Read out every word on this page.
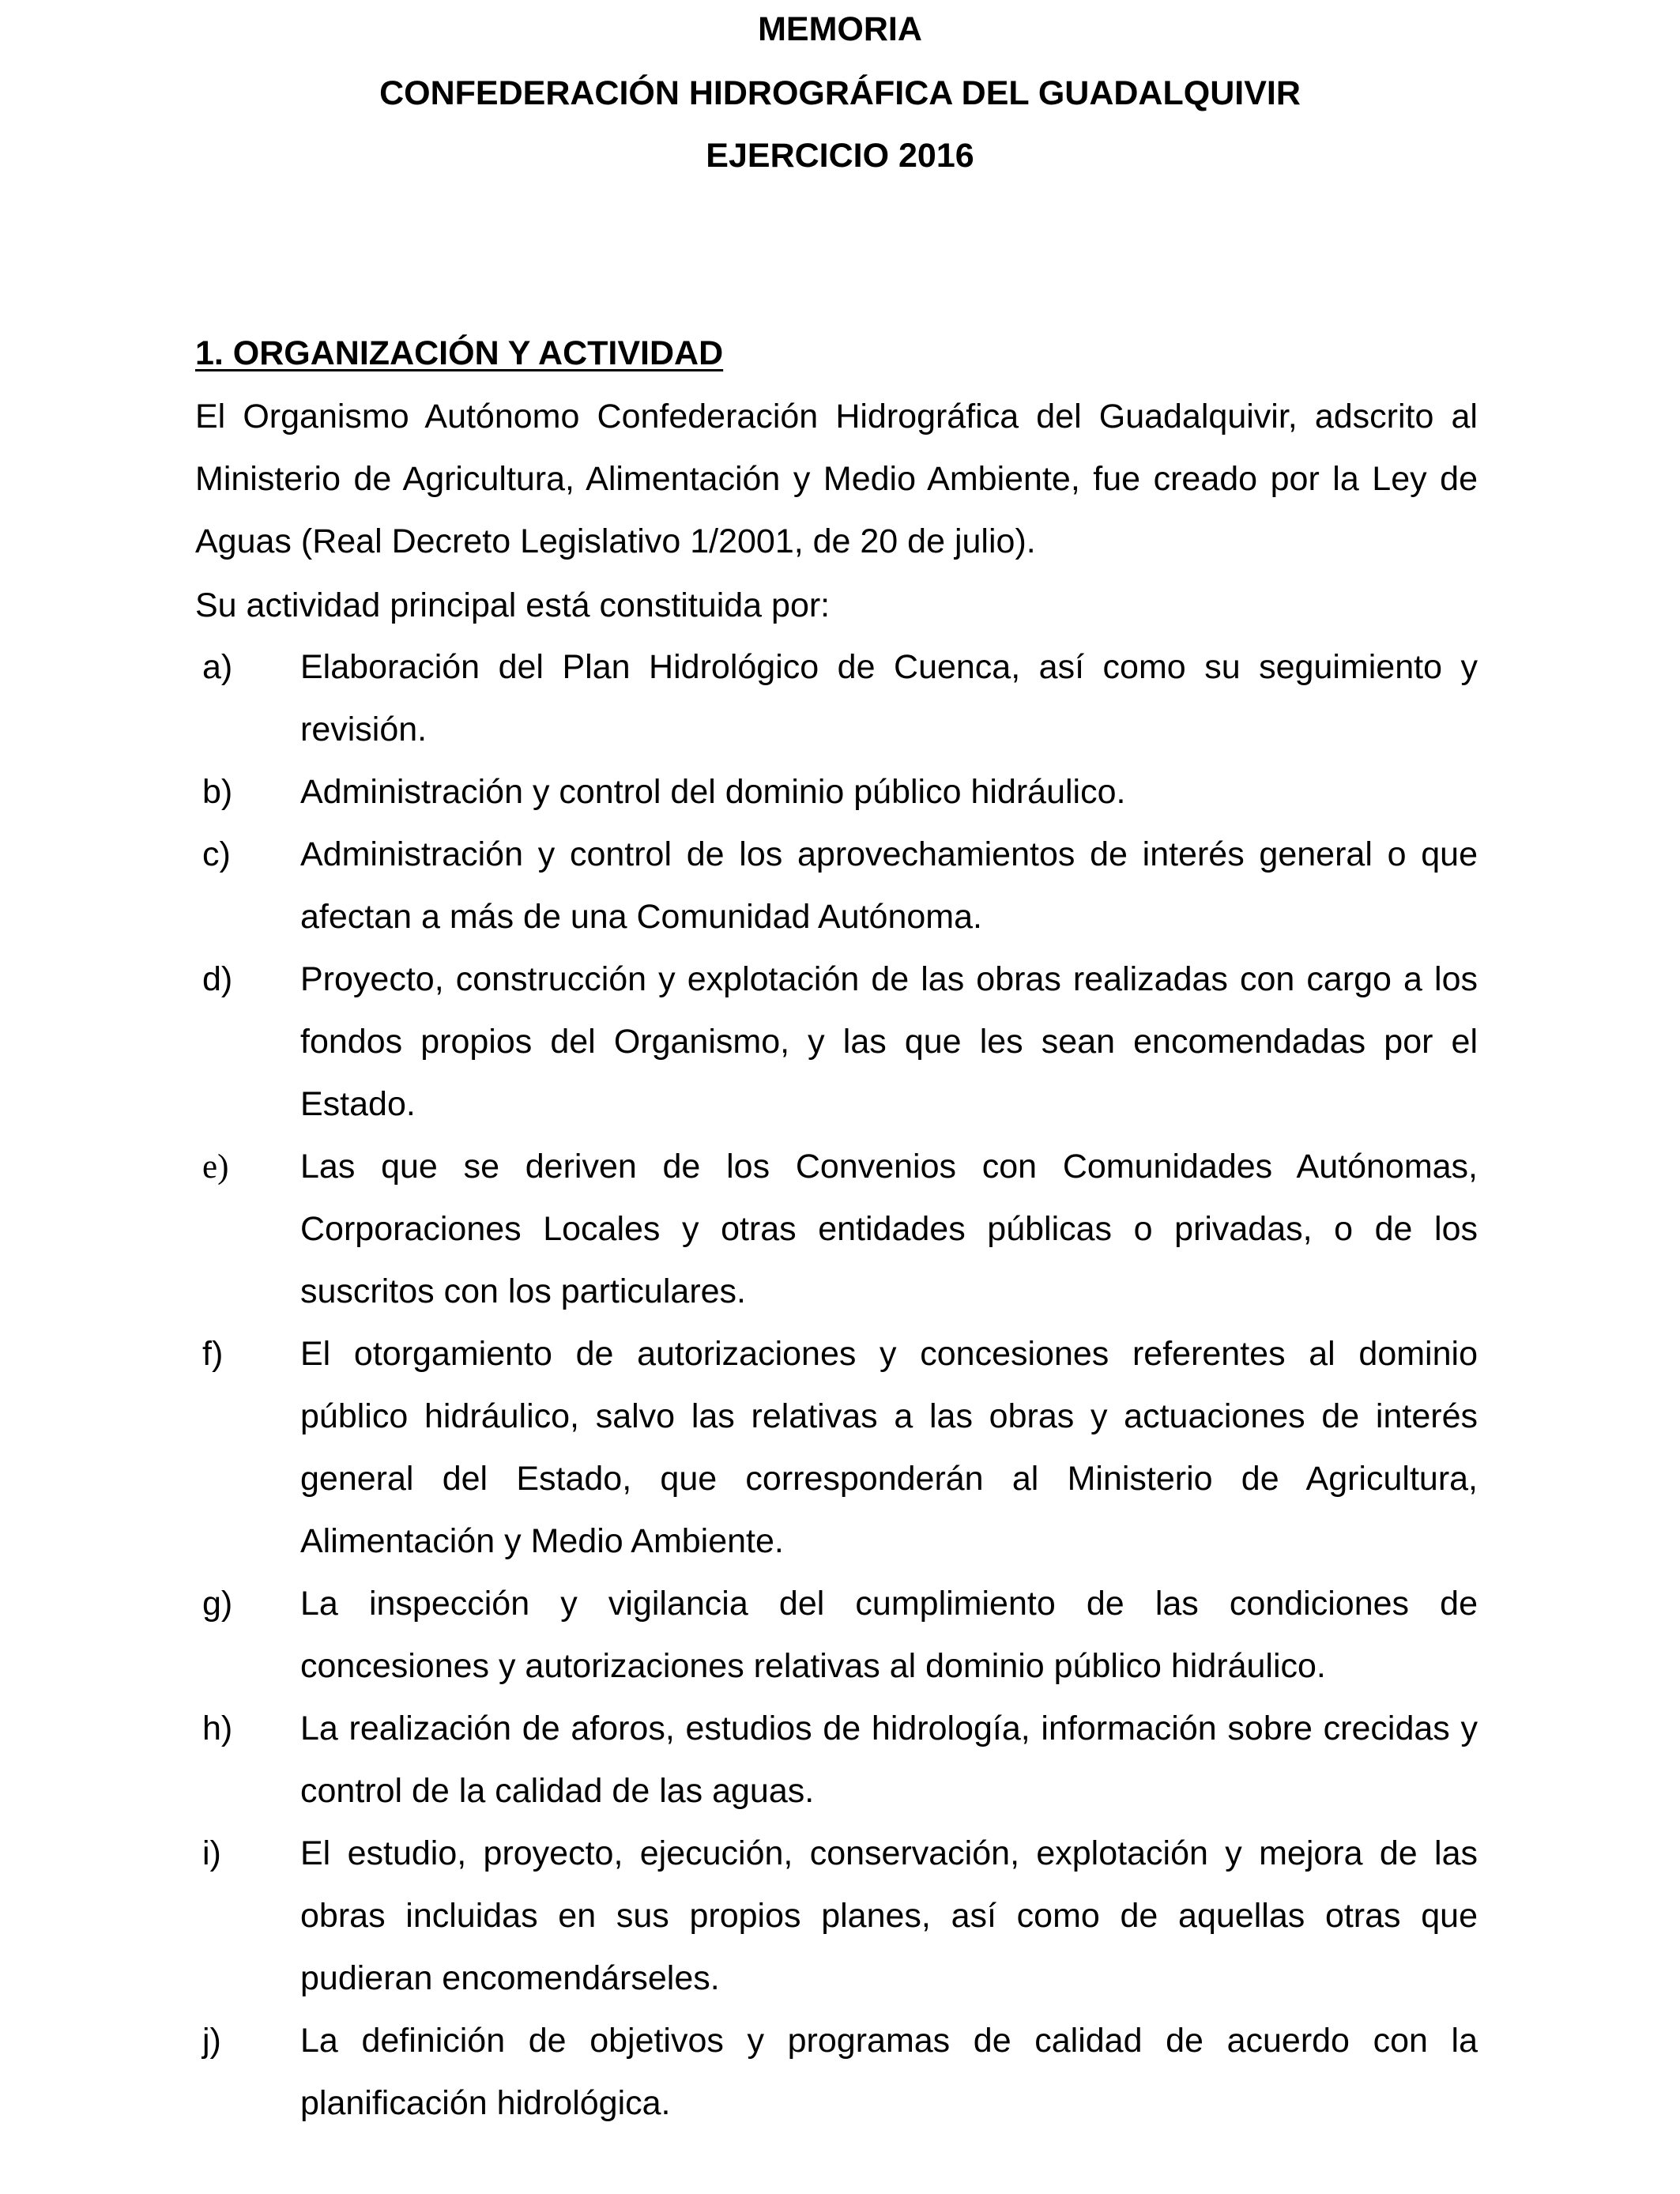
MEMORIA
CONFEDERACIÓN HIDROGRÁFICA DEL GUADALQUIVIR
EJERCICIO 2016
1. ORGANIZACIÓN Y ACTIVIDAD
El Organismo Autónomo Confederación Hidrográfica del Guadalquivir, adscrito al Ministerio de Agricultura, Alimentación y Medio Ambiente, fue creado por la Ley de Aguas (Real Decreto Legislativo 1/2001, de 20 de julio).
Su actividad principal está constituida por:
a)	Elaboración del Plan Hidrológico de Cuenca, así como su seguimiento y revisión.
b)	Administración y control del dominio público hidráulico.
c)	Administración y control de los aprovechamientos de interés general o que afectan a más de una Comunidad Autónoma.
d)	Proyecto, construcción y explotación de las obras realizadas con cargo a los fondos propios del Organismo, y las que les sean encomendadas por el Estado.
e)	Las que se deriven de los Convenios con Comunidades Autónomas, Corporaciones Locales y otras entidades públicas o privadas, o de los suscritos con los particulares.
f)	El otorgamiento de autorizaciones y concesiones referentes al dominio público hidráulico, salvo las relativas a las obras y actuaciones de interés general del Estado, que corresponderán al Ministerio de Agricultura, Alimentación y Medio Ambiente.
g)	La inspección y vigilancia del cumplimiento de las condiciones de concesiones y autorizaciones relativas al dominio público hidráulico.
h)	La realización de aforos, estudios de hidrología, información sobre crecidas y control de la calidad de las aguas.
i)	El estudio, proyecto, ejecución, conservación, explotación y mejora de las obras incluidas en sus propios planes, así como de aquellas otras que pudieran encomendárseles.
j)	La definición de objetivos y programas de calidad de acuerdo con la planificación hidrológica.
